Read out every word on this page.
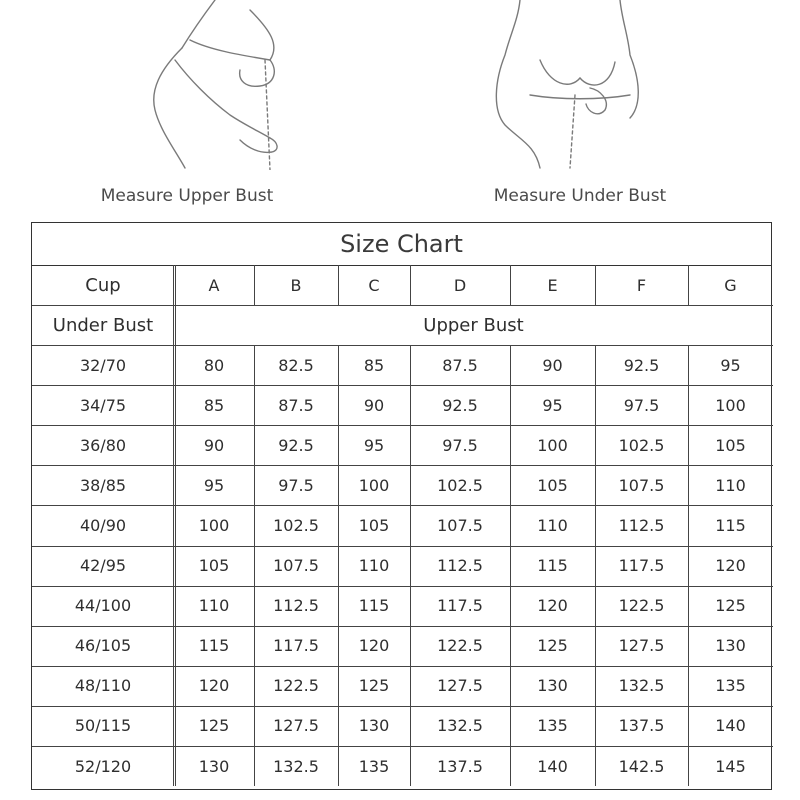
Measure Upper Bust	Measure Under Bust
Size Chart
Cup	A	B	C	D	E	F	G
Under Bust	Upper Bust
32/70	80	82.5	85	87.5	90	92.5	95
34/75	85	87.5	90	92.5	95	97.5	100
36/80	90	92.5	95	97.5	100	102.5	105
38/85	95	97.5	100	102.5	105	107.5	110
40/90	100	102.5	105	107.5	110	112.5	115
42/95	105	107.5	110	112.5	115	117.5	120
44/100	110	112.5	115	117.5	120	122.5	125
46/105	115	117.5	120	122.5	125	127.5	130
48/110	120	122.5	125	127.5	130	132.5	135
50/115	125	127.5	130	132.5	135	137.5	140
52/120	130	132.5	135	137.5	140	142.5	145
